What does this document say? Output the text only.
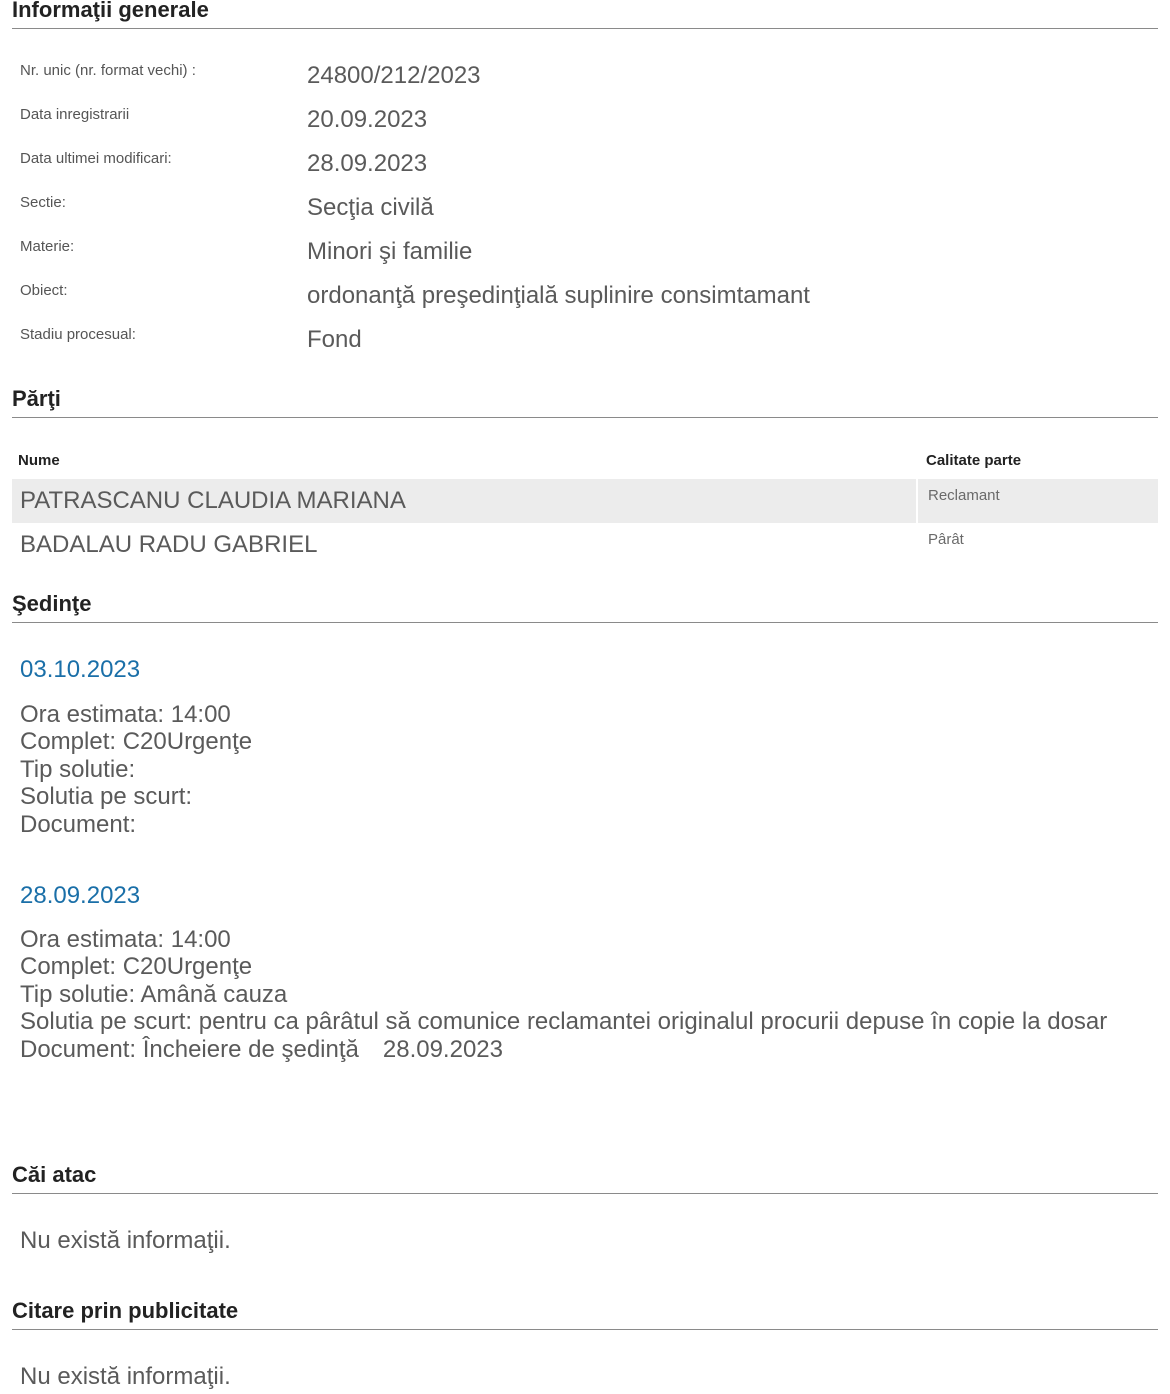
Informaţii generale
Nr. unic (nr. format vechi) :	24800/212/2023
Data inregistrarii	20.09.2023
Data ultimei modificari:	28.09.2023
Sectie:	Secţia civilă
Materie:	Minori şi familie
Obiect:	ordonanţă preşedinţială suplinire consimtamant
Stadiu procesual:	Fond
Părţi
Nume	Calitate parte
PATRASCANU CLAUDIA MARIANA	Reclamant
BADALAU RADU GABRIEL	Pârât
Şedinţe
03.10.2023
Ora estimata: 14:00
Complet: C20Urgenţe
Tip solutie:
Solutia pe scurt:
Document:
28.09.2023
Ora estimata: 14:00
Complet: C20Urgenţe
Tip solutie: Amână cauza
Solutia pe scurt: pentru ca pârâtul să comunice reclamantei originalul procurii depuse în copie la dosar
Document: Încheiere de şedinţă 28.09.2023
Căi atac
Nu există informaţii.
Citare prin publicitate
Nu există informaţii.
